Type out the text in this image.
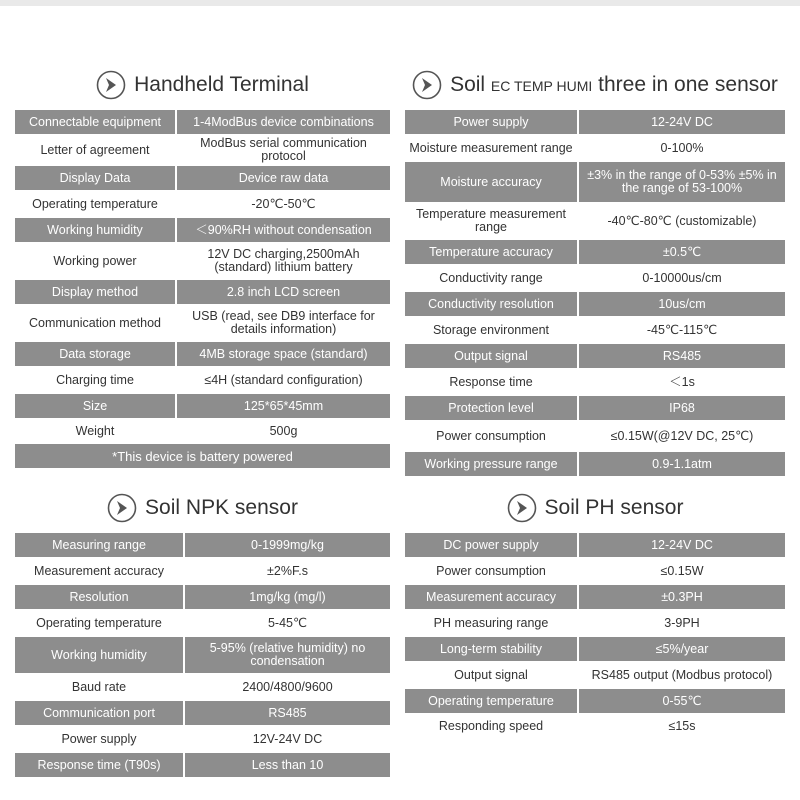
Handheld Terminal
Connectable equipment	1-4ModBus device combinations
Letter of agreement	ModBus serial communication protocol
Display Data	Device raw data
Operating temperature	-20℃-50℃
Working humidity	＜90%RH without condensation
Working power	12V DC charging,2500mAh (standard) lithium battery
Display method	2.8 inch LCD screen
Communication method	USB (read, see DB9 interface for details information)
Data storage	4MB storage space (standard)
Charging time	≤4H (standard configuration)
Size	125*65*45mm
Weight	500g
*This device is battery powered
Soil EC TEMP HUMI three in one sensor
Power supply	12-24V DC
Moisture measurement range	0-100%
Moisture accuracy	±3% in the range of 0-53% ±5% in the range of 53-100%
Temperature measurement range	-40℃-80℃ (customizable)
Temperature accuracy	±0.5℃
Conductivity range	0-10000us/cm
Conductivity resolution	10us/cm
Storage environment	-45℃-115℃
Output signal	RS485
Response time	＜1s
Protection level	IP68
Power consumption	≤0.15W(@12V DC, 25℃)
Working pressure range	0.9-1.1atm
Soil NPK sensor
Measuring range	0-1999mg/kg
Measurement accuracy	±2%F.s
Resolution	1mg/kg (mg/l)
Operating temperature	5-45℃
Working humidity	5-95% (relative humidity) no condensation
Baud rate	2400/4800/9600
Communication port	RS485
Power supply	12V-24V DC
Response time (T90s)	Less than 10
Soil PH sensor
DC power supply	12-24V DC
Power consumption	≤0.15W
Measurement accuracy	±0.3PH
PH measuring range	3-9PH
Long-term stability	≤5%/year
Output signal	RS485 output (Modbus protocol)
Operating temperature	0-55℃
Responding speed	≤15s
